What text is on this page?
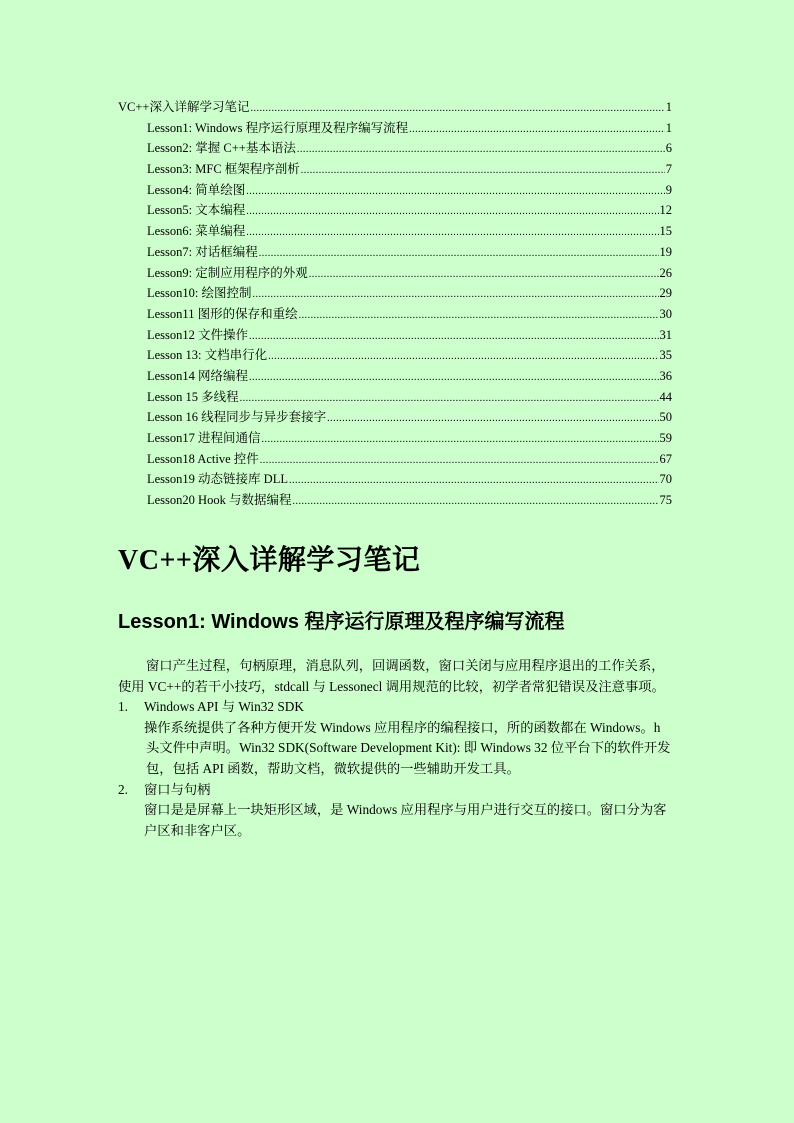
VC++深入详解学习笔记 .....	1
Lesson1: Windows 程序运行原理及程序编写流程 .....	1
Lesson2: 掌握 C++基本语法 .....	6
Lesson3: MFC 框架程序剖析 .....	7
Lesson4: 简单绘图 .....	9
Lesson5: 文本编程 .....	12
Lesson6: 菜单编程 .....	15
Lesson7: 对话框编程 .....	19
Lesson9: 定制应用程序的外观 .....	26
Lesson10: 绘图控制 .....	29
Lesson11 图形的保存和重绘 .....	30
Lesson12 文件操作 .....	31
Lesson 13: 文档串行化 .....	35
Lesson14 网络编程 .....	36
Lesson 15 多线程 .....	44
Lesson 16 线程同步与异步套接字 .....	50
Lesson17 进程间通信 .....	59
Lesson18 Active 控件 .....	67
Lesson19 动态链接库 DLL .....	70
Lesson20 Hook 与数据编程 .....	75
VC++深入详解学习笔记
Lesson1: Windows 程序运行原理及程序编写流程

窗口产生过程，句柄原理，消息队列，回调函数，窗口关闭与应用程序退出的工作关系，使用 VC++的若干小技巧，stdcall 与 Lessonecl 调用规范的比较，初学者常犯错误及注意事项。

1. Windows API 与 Win32 SDK

操作系统提供了各种方便开发 Windows 应用程序的编程接口，所的函数都在 Windows。h 头文件中声明。Win32 SDK(Software Development Kit): 即 Windows 32 位平台下的软件开发包，包括 API 函数，帮助文档，微软提供的一些辅助开发工具。

2. 窗口与句柄

窗口是是屏幕上一块矩形区域，是 Windows 应用程序与用户进行交互的接口。窗口分为客户区和非客户区。
